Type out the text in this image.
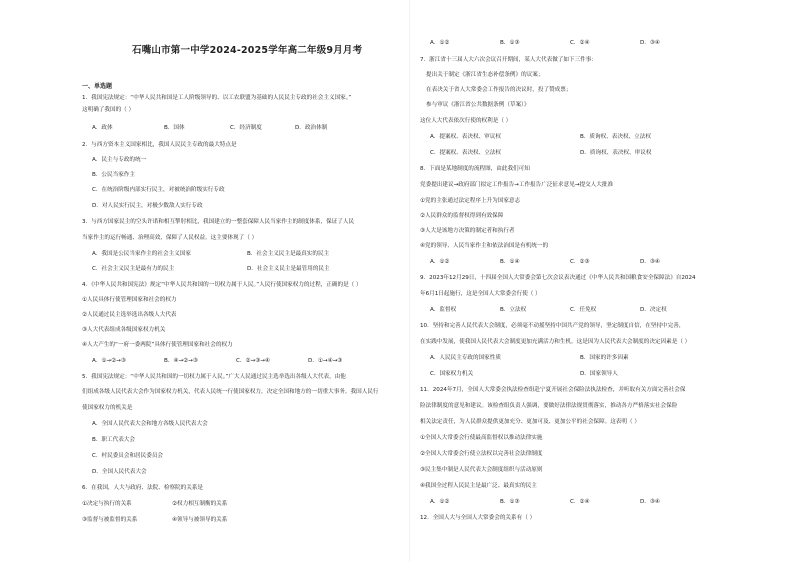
石嘴山市第一中学2024-2025学年高二年级9月月考
一、单选题
1．我国宪法规定：“中华人民共和国是工人阶级领导的、以工农联盟为基础的人民民主专政的社会主义国家。”
这明确了我国的（ ）
A．政体	B．国体	C．经济制度	D．政治体制
2．与西方资本主义国家相比，我国人民民主专政的最大特点是
A．民主与专政的统一
B．公民当家作主
C．在统治阶级内部实行民主，对被统治阶级实行专政
D．对人民实行民主，对极少数敌人实行专政
3．与西方国家民主的空头许诺和相互掣肘相比，我国建立的一整套保障人民当家作主的制度体系，保证了人民
当家作主的运行畅通、治理高效，保障了人民权益。这主要体现了（ ）
A．我国是公民当家作主的社会主义国家	B．社会主义民主是最真实的民主
C．社会主义民主是最有力的民主	D．社会主义民主是最管用的民主
4．《中华人民共和国宪法》规定“中华人民共和国的一切权力属于人民。”人民行使国家权力的过程，正确的是（ ）
①人民具体行使管理国家和社会的权力
②人民通过民主选举选出各级人大代表
③人大代表组成各级国家权力机关
④人大产生的“一府一委两院”具体行使管理国家和社会的权力
A．①→②→③	B．④→②→③	C．②→③→④	D．①→④→③
5．我国宪法规定：“中华人民共和国的一切权力属于人民。”广大人民通过民主选举选出各级人大代表，由他
们组成各级人民代表大会作为国家权力机关，代表人民统一行使国家权力，决定全国和地方的一切重大事务。我国人民行
使国家权力的机关是
A．全国人民代表大会和地方各级人民代表大会
B．职工代表大会
C．村民委员会和居民委员会
D．全国人民代表大会
6．在我国，人大与政府、法院、检察院的关系是
①决定与执行的关系	②权力相互制衡的关系
③监督与被监督的关系	④领导与被领导的关系
A．①②	B．①③	C．②④	D．③④
7．浙江省十三届人大六次会议召开期间，某人大代表做了如下三件事：
提出关于制定《浙江省生态补偿条例》的议案；
在表决关于省人大常委会工作报告的决议时，投了赞成票；
参与审议《浙江省公共数据条例（草案）》
这位人大代表依次行使的权利是（ ）
A．提案权、表决权、审议权	B．质询权、表决权、立法权
C．提案权、表决权、立法权	D．质询权、表决权、审议权
8．下面是某地制度的流程图，由此我们可知
党委提出建议→政府部门拟定工作报告→工作报告广泛征求意见→提交人大批准
①党的主张通过法定程序上升为国家意志
②人民群众的监督权得到有效保障
③人大是该地方决策的制定者和执行者
④党的领导、人民当家作主和依法治国是有机统一的
A．①②	B．①④	C．②③	D．③④
9．2023年12月29日，十四届全国人大常委会第七次会议表决通过《中华人民共和国粮食安全保障法》自2024
年6月1日起施行，这是全国人大常委会行使（ ）
A．监督权	B．立法权	C．任免权	D．决定权
10．坚持和完善人民代表大会制度，必须毫不动摇坚持中国共产党的领导，坚定制度自信，在坚持中完善，
在实践中发展，使我国人民代表大会制度更加充满活力和生机。这是因为人民代表大会制度的决定因素是（ ）
A．人民民主专政的国家性质	B．国家的许多因素
C．国家权力机关	D．国家领导人
11．2024年7月，全国人大常委会执法检查组赴宁夏开展社会保险法执法检查，并听取有关方面完善社会保
险法律制度的意见和建议。该检查组负责人强调，要做好法律法规贯彻落实，推动各方严格落实社会保险
相关法定责任，为人民群众提供更加充分、更加可及、更加公平的社会保障。这表明（ ）
①全国人大常委会行使最高监督权以推动法律实施
②全国人大常委会行使立法权以完善社会法律制度
③民主集中制是人民代表大会制度组织与活动原则
④我国全过程人民民主是最广泛、最真实的民主
A．①②	B．①③	C．②④	D．③④
12．全国人大与全国人大常委会的关系有（ ）
